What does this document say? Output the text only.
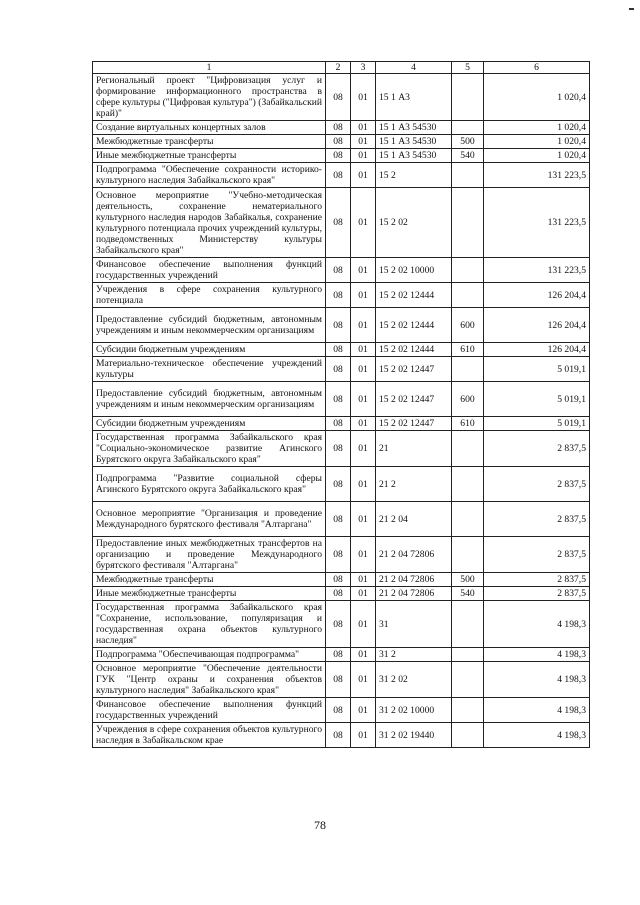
1	2	3	4	5	6
Региональный проект "Цифровизация услуг и формирование информационного пространства в сфере культуры ("Цифровая культура") (Забайкальский край)"	08	01	15 1 А3		1 020,4
Создание виртуальных концертных залов	08	01	15 1 А3 54530		1 020,4
Межбюджетные трансферты	08	01	15 1 А3 54530	500	1 020,4
Иные межбюджетные трансферты	08	01	15 1 А3 54530	540	1 020,4
Подпрограмма "Обеспечение сохранности историко-культурного наследия Забайкальского края"	08	01	15 2		131 223,5
Основное мероприятие "Учебно-методическая деятельность, сохранение нематериального культурного наследия народов Забайкалья, сохранение культурного потенциала прочих учреждений культуры, подведомственных Министерству культуры Забайкальского края"	08	01	15 2 02		131 223,5
Финансовое обеспечение выполнения функций государственных учреждений	08	01	15 2 02 10000		131 223,5
Учреждения в сфере сохранения культурного потенциала	08	01	15 2 02 12444		126 204,4
Предоставление субсидий бюджетным, автономным учреждениям и иным некоммерческим организациям	08	01	15 2 02 12444	600	126 204,4
Субсидии бюджетным учреждениям	08	01	15 2 02 12444	610	126 204,4
Материально-техническое обеспечение учреждений культуры	08	01	15 2 02 12447		5 019,1
Предоставление субсидий бюджетным, автономным учреждениям и иным некоммерческим организациям	08	01	15 2 02 12447	600	5 019,1
Субсидии бюджетным учреждениям	08	01	15 2 02 12447	610	5 019,1
Государственная программа Забайкальского края "Социально-экономическое развитие Агинского Бурятского округа Забайкальского края"	08	01	21		2 837,5
Подпрограмма "Развитие социальной сферы Агинского Бурятского округа Забайкальского края"	08	01	21 2		2 837,5
Основное мероприятие "Организация и проведение Международного бурятского фестиваля "Алтаргана"	08	01	21 2 04		2 837,5
Предоставление иных межбюджетных трансфертов на организацию и проведение Международного бурятского фестиваля "Алтаргана"	08	01	21 2 04 72806		2 837,5
Межбюджетные трансферты	08	01	21 2 04 72806	500	2 837,5
Иные межбюджетные трансферты	08	01	21 2 04 72806	540	2 837,5
Государственная программа Забайкальского края "Сохранение, использование, популяризация и государственная охрана объектов культурного наследия"	08	01	31		4 198,3
Подпрограмма "Обеспечивающая подпрограмма"	08	01	31 2		4 198,3
Основное мероприятие "Обеспечение деятельности ГУК "Центр охраны и сохранения объектов культурного наследия" Забайкальского края"	08	01	31 2 02		4 198,3
Финансовое обеспечение выполнения функций государственных учреждений	08	01	31 2 02 10000		4 198,3
Учреждения в сфере сохранения объектов культурного наследия в Забайкальском крае	08	01	31 2 02 19440		4 198,3
78
